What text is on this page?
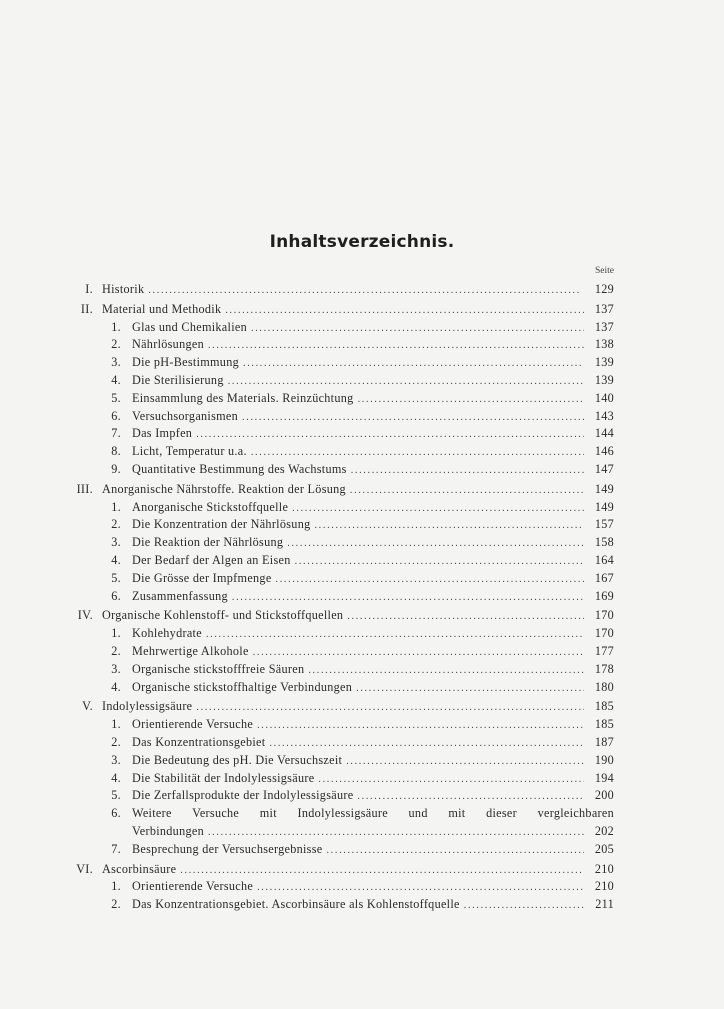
Inhaltsverzeichnis.
Seite
I. Historik . . .	129
II. Material und Methodik . . .	137
1. Glas und Chemikalien . . .	137
2. Nährlösungen . . .	138
3. Die pH-Bestimmung . . .	139
4. Die Sterilisierung . . .	139
5. Einsammlung des Materials. Reinzüchtung . . .	140
6. Versuchsorganismen . . .	143
7. Das Impfen . . .	144
8. Licht, Temperatur u.a. . . .	146
9. Quantitative Bestimmung des Wachstums . . .	147
III. Anorganische Nährstoffe. Reaktion der Lösung . . .	149
1. Anorganische Stickstoffquelle . . .	149
2. Die Konzentration der Nährlösung . . .	157
3. Die Reaktion der Nährlösung . . .	158
4. Der Bedarf der Algen an Eisen . . .	164
5. Die Grösse der Impfmenge . . .	167
6. Zusammenfassung . . .	169
IV. Organische Kohlenstoff- und Stickstoffquellen . . .	170
1. Kohlehydrate . . .	170
2. Mehrwertige Alkohole . . .	177
3. Organische stickstofffreie Säuren . . .	178
4. Organische stickstoffhaltige Verbindungen . . .	180
V. Indolylessigsäure . . .	185
1. Orientierende Versuche . . .	185
2. Das Konzentrationsgebiet . . .	187
3. Die Bedeutung des pH. Die Versuchszeit . . .	190
4. Die Stabilität der Indolylessigsäure . . .	194
5. Die Zerfallsprodukte der Indolylessigsäure . . .	200
6. Weitere Versuche mit Indolylessigsäure und mit dieser vergleichbaren
Verbindungen . . .	202
7. Besprechung der Versuchsergebnisse . . .	205
VI. Ascorbinsäure . . .	210
1. Orientierende Versuche . . .	210
2. Das Konzentrationsgebiet. Ascorbinsäure als Kohlenstoffquelle . . .	211
